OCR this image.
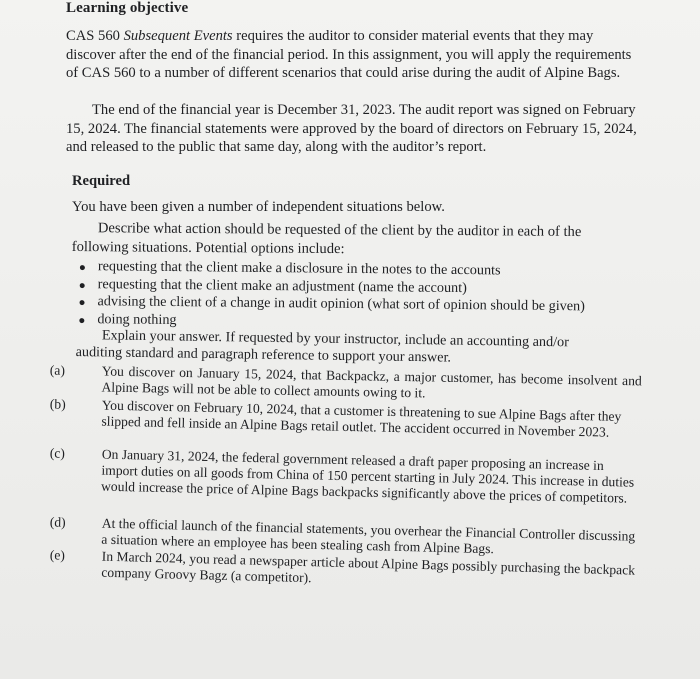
Learning objective

CAS 560 Subsequent Events requires the auditor to consider material events that they may discover after the end of the financial period. In this assignment, you will apply the requirements of CAS 560 to a number of different scenarios that could arise during the audit of Alpine Bags.

The end of the financial year is December 31, 2023. The audit report was signed on February 15, 2024. The financial statements were approved by the board of directors on February 15, 2024, and released to the public that same day, along with the auditor’s report.

Required

You have been given a number of independent situations below.

Describe what action should be requested of the client by the auditor in each of the following situations. Potential options include:

requesting that the client make a disclosure in the notes to the accounts
requesting that the client make an adjustment (name the account)
advising the client of a change in audit opinion (what sort of opinion should be given)
doing nothing

Explain your answer. If requested by your instructor, include an accounting and/or auditing standard and paragraph reference to support your answer.

(a)	You discover on January 15, 2024, that Backpackz, a major customer, has become insolvent and Alpine Bags will not be able to collect amounts owing to it.

(b)	You discover on February 10, 2024, that a customer is threatening to sue Alpine Bags after they slipped and fell inside an Alpine Bags retail outlet. The accident occurred in November 2023.

(c)	On January 31, 2024, the federal government released a draft paper proposing an increase in import duties on all goods from China of 150 percent starting in July 2024. This increase in duties would increase the price of Alpine Bags backpacks significantly above the prices of competitors.

(d)	At the official launch of the financial statements, you overhear the Financial Controller discussing a situation where an employee has been stealing cash from Alpine Bags.

(e)	In March 2024, you read a newspaper article about Alpine Bags possibly purchasing the backpack company Groovy Bagz (a competitor).
